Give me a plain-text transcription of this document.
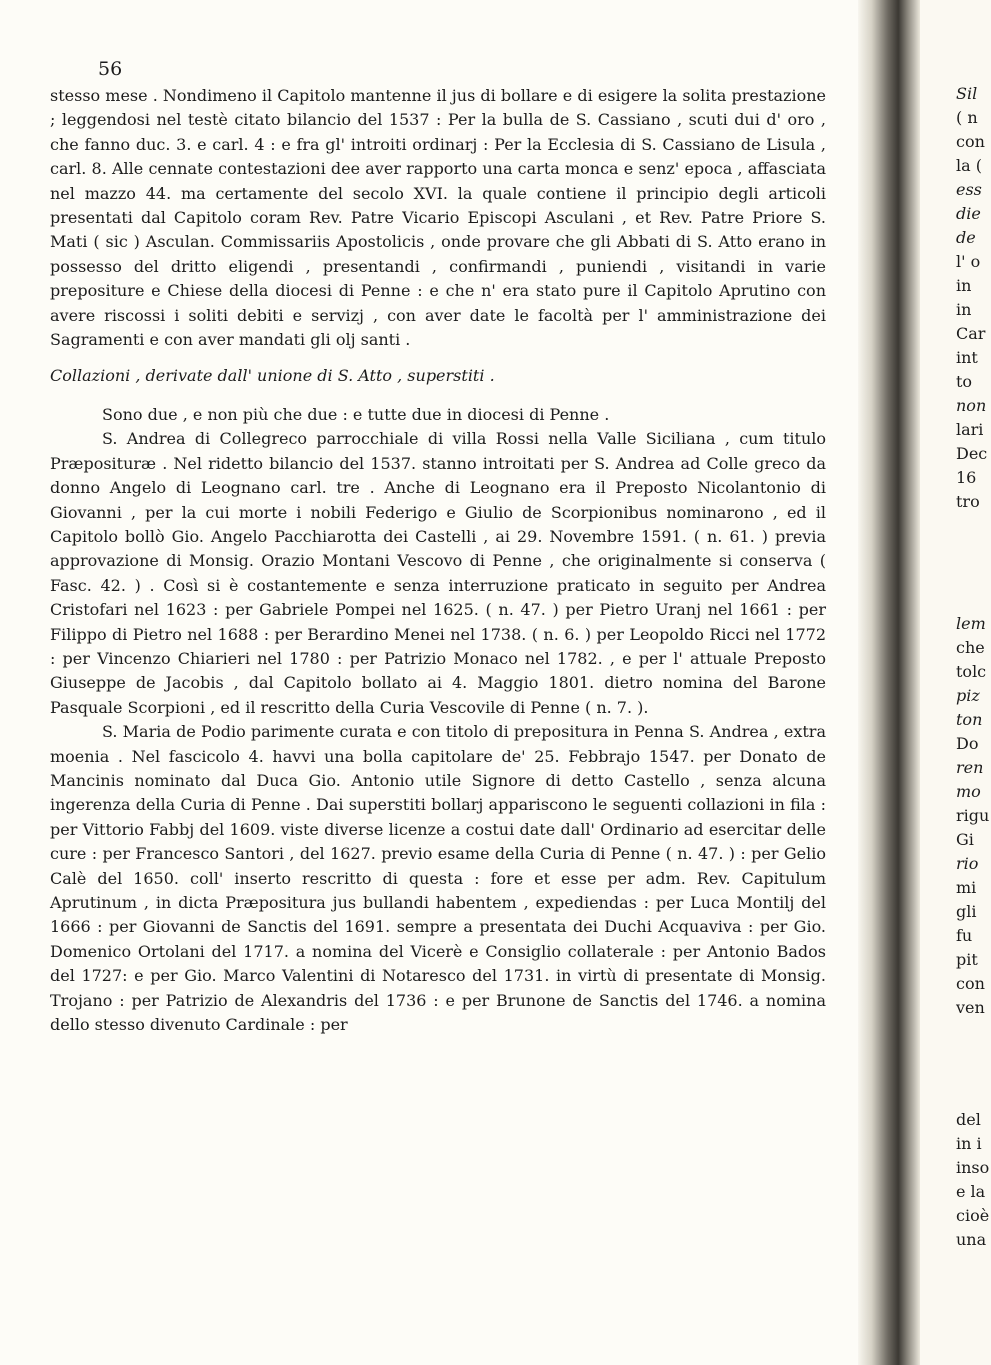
56

stesso mese . Nondimeno il Capitolo mantenne il jus di bollare e di esigere la solita prestazione ; leggendosi nel testè citato bilancio del 1537 : Per la bulla de S. Cassiano , scuti dui d' oro , che fanno duc. 3. e carl. 4 : e fra gl' introiti ordinarj : Per la Ecclesia di S. Cassiano de Lisula , carl. 8. Alle cennate contestazioni dee aver rapporto una carta monca e senz' epoca , affasciata nel mazzo 44. ma certamente del secolo XVI. la quale contiene il principio degli articoli presentati dal Capitolo coram Rev. Patre Vicario Episcopi Asculani , et Rev. Patre Priore S. Mati ( sic ) Asculan. Commissariis Apostolicis , onde provare che gli Abbati di S. Atto erano in possesso del dritto eligendi , presentandi , confirmandi , puniendi , visitandi in varie prepositure e Chiese della diocesi di Penne : e che n' era stato pure il Capitolo Aprutino con avere riscossi i soliti debiti e servizj , con aver date le facoltà per l' amministrazione dei Sagramenti e con aver mandati gli olj santi .

Collazioni , derivate dall' unione di S. Atto , superstiti .

Sono due , e non più che due : e tutte due in diocesi di Penne .

S. Andrea di Collegreco parrocchiale di villa Rossi nella Valle Siciliana , cum titulo Præposituræ . Nel ridetto bilancio del 1537. stanno introitati per S. Andrea ad Colle greco da donno Angelo di Leognano carl. tre . Anche di Leognano era il Preposto Nicolantonio di Giovanni , per la cui morte i nobili Federigo e Giulio de Scorpionibus nominarono , ed il Capitolo bollò Gio. Angelo Pacchiarotta dei Castelli , ai 29. Novembre 1591. ( n. 61. ) previa approvazione di Monsig. Orazio Montani Vescovo di Penne , che originalmente si conserva ( Fasc. 42. ) . Così si è costantemente e senza interruzione praticato in seguito per Andrea Cristofari nel 1623 : per Gabriele Pompei nel 1625. ( n. 47. ) per Pietro Uranj nel 1661 : per Filippo di Pietro nel 1688 : per Berardino Menei nel 1738. ( n. 6. ) per Leopoldo Ricci nel 1772 : per Vincenzo Chiarieri nel 1780 : per Patrizio Monaco nel 1782. , e per l' attuale Preposto Giuseppe de Jacobis , dal Capitolo bollato ai 4. Maggio 1801. dietro nomina del Barone Pasquale Scorpioni , ed il rescritto della Curia Vescovile di Penne ( n. 7. ).

S. Maria de Podio parimente curata e con titolo di prepositura in Penna S. Andrea , extra moenia . Nel fascicolo 4. havvi una bolla capitolare de' 25. Febbrajo 1547. per Donato de Mancinis nominato dal Duca Gio. Antonio utile Signore di detto Castello , senza alcuna ingerenza della Curia di Penne . Dai superstiti bollarj appariscono le seguenti collazioni in fila : per Vittorio Fabbj del 1609. viste diverse licenze a costui date dall' Ordinario ad esercitar delle cure : per Francesco Santori , del 1627. previo esame della Curia di Penne ( n. 47. ) : per Gelio Calè del 1650. coll' inserto rescritto di questa : fore et esse per adm. Rev. Capitulum Aprutinum , in dicta Præpositura jus bullandi habentem , expediendas : per Luca Montilj del 1666 : per Giovanni de Sanctis del 1691. sempre a presentata dei Duchi Acquaviva : per Gio. Domenico Ortolani del 1717. a nomina del Vicerè e Consiglio collaterale : per Antonio Bados del 1727: e per Gio. Marco Valentini di Notaresco del 1731. in virtù di presentate di Monsig. Trojano : per Patrizio de Alexandris del 1736 : e per Brunone de Sanctis del 1746. a nomina dello stesso divenuto Cardinale : per

Sil
( n
con
la (
ess
die
de
l' o
in
in
Car
int
to
non
lari
Dec
16
tro
lem
che
tolc
piz
ton
Do
ren
mo
rigu
Gi
rio
mi
gli
fu
pit
con
ven
del
in i
inso
e la
cioè
una
